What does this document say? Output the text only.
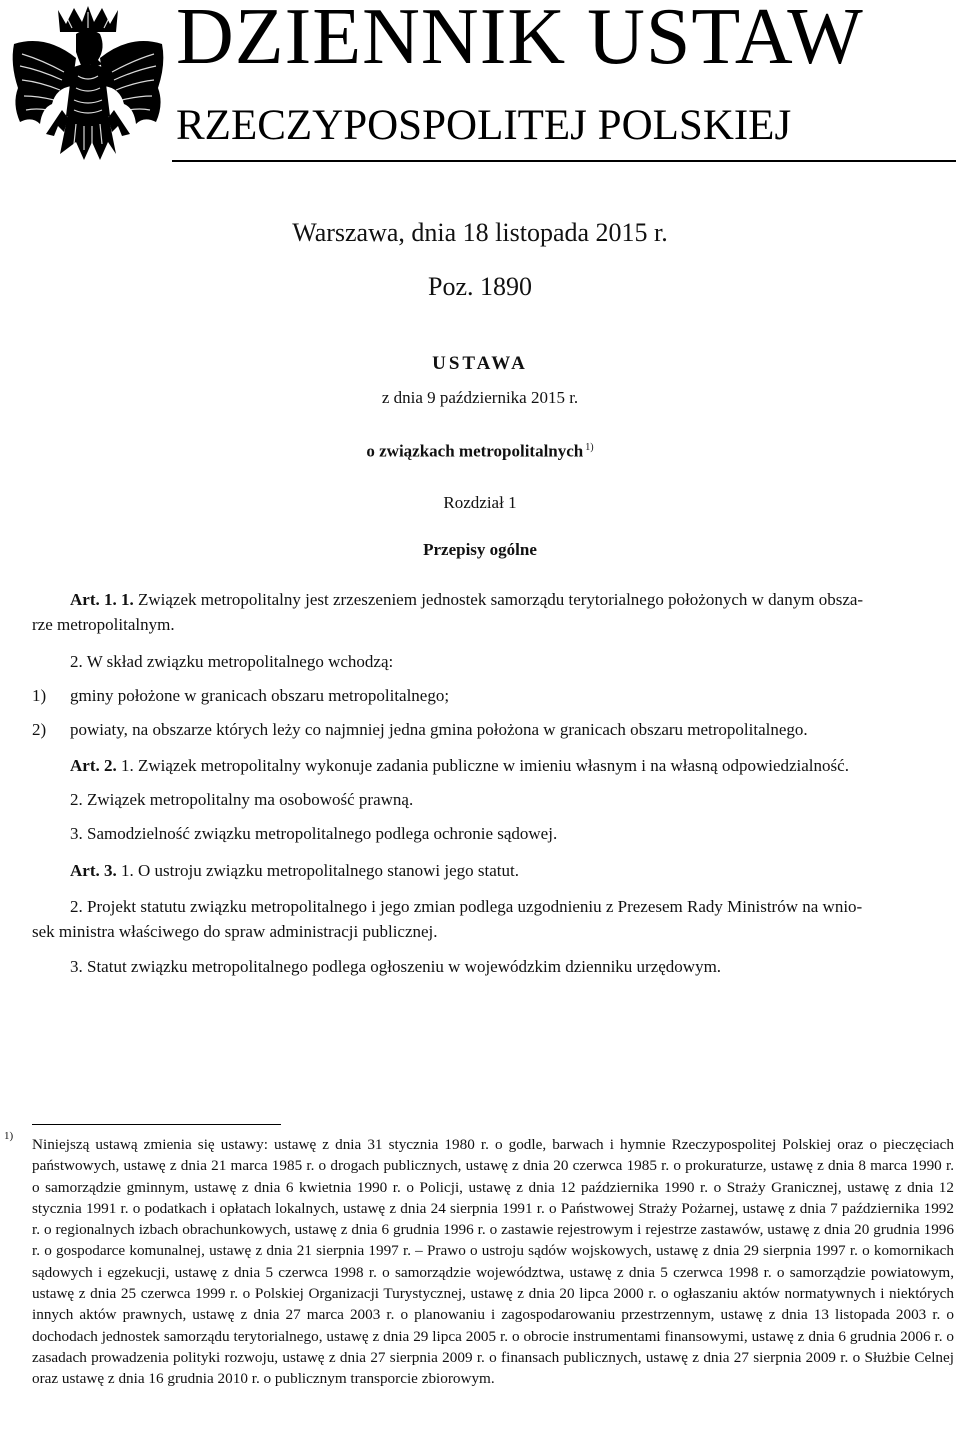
DZIENNIK USTAW
RZECZYPOSPOLITEJ POLSKIEJ
Warszawa, dnia 18 listopada 2015 r.
Poz. 1890
USTAWA
z dnia 9 października 2015 r.
o związkach metropolitalnych $^{1)}$
Rozdział 1
Przepisy ogólne
Art. 1. 1. Związek metropolitalny jest zrzeszeniem jednostek samorządu terytorialnego położonych w danym obsza-
rze metropolitalnym.
2. W skład związku metropolitalnego wchodzą:
1) gminy położone w granicach obszaru metropolitalnego;
2) powiaty, na obszarze których leży co najmniej jedna gmina położona w granicach obszaru metropolitalnego.
Art. 2. 1. Związek metropolitalny wykonuje zadania publiczne w imieniu własnym i na własną odpowiedzialność.
2. Związek metropolitalny ma osobowość prawną.
3. Samodzielność związku metropolitalnego podlega ochronie sądowej.
Art. 3. 1. O ustroju związku metropolitalnego stanowi jego statut.
2. Projekt statutu związku metropolitalnego i jego zmian podlega uzgodnieniu z Prezesem Rady Ministrów na wnio-
sek ministra właściwego do spraw administracji publicznej.
3. Statut związku metropolitalnego podlega ogłoszeniu w wojewódzkim dzienniku urzędowym.
1) Niniejszą ustawą zmienia się ustawy: ustawę z dnia 31 stycznia 1980 r. o godle, barwach i hymnie Rzeczypospolitej Polskiej oraz o pieczęciach państwowych, ustawę z dnia 21 marca 1985 r. o drogach publicznych, ustawę z dnia 20 czerwca 1985 r. o prokuraturze, ustawę z dnia 8 marca 1990 r. o samorządzie gminnym, ustawę z dnia 6 kwietnia 1990 r. o Policji, ustawę z dnia 12 października 1990 r. o Straży Granicznej, ustawę z dnia 12 stycznia 1991 r. o podatkach i opłatach lokalnych, ustawę z dnia 24 sierpnia 1991 r. o Państwowej Straży Pożarnej, ustawę z dnia 7 października 1992 r. o regionalnych izbach obrachunkowych, ustawę z dnia 6 grudnia 1996 r. o zastawie rejestrowym i rejestrze zastawów, ustawę z dnia 20 grudnia 1996 r. o gospodarce komunalnej, ustawę z dnia 21 sierpnia 1997 r. – Prawo o ustroju sądów wojskowych, ustawę z dnia 29 sierpnia 1997 r. o komornikach sądowych i egzekucji, ustawę z dnia 5 czerwca 1998 r. o samorządzie województwa, ustawę z dnia 5 czerwca 1998 r. o samorządzie powiatowym, ustawę z dnia 25 czerwca 1999 r. o Polskiej Organizacji Turystycznej, ustawę z dnia 20 lipca 2000 r. o ogłaszaniu aktów normatywnych i niektórych innych aktów prawnych, ustawę z dnia 27 marca 2003 r. o planowaniu i zagospodarowaniu przestrzennym, ustawę z dnia 13 listopada 2003 r. o dochodach jednostek samorządu terytorialnego, ustawę z dnia 29 lipca 2005 r. o obrocie instrumentami finansowymi, ustawę z dnia 6 grudnia 2006 r. o zasadach prowadzenia polityki rozwoju, ustawę z dnia 27 sierpnia 2009 r. o finansach publicznych, ustawę z dnia 27 sierpnia 2009 r. o Służbie Celnej oraz ustawę z dnia 16 grudnia 2010 r. o publicznym transporcie zbiorowym.
